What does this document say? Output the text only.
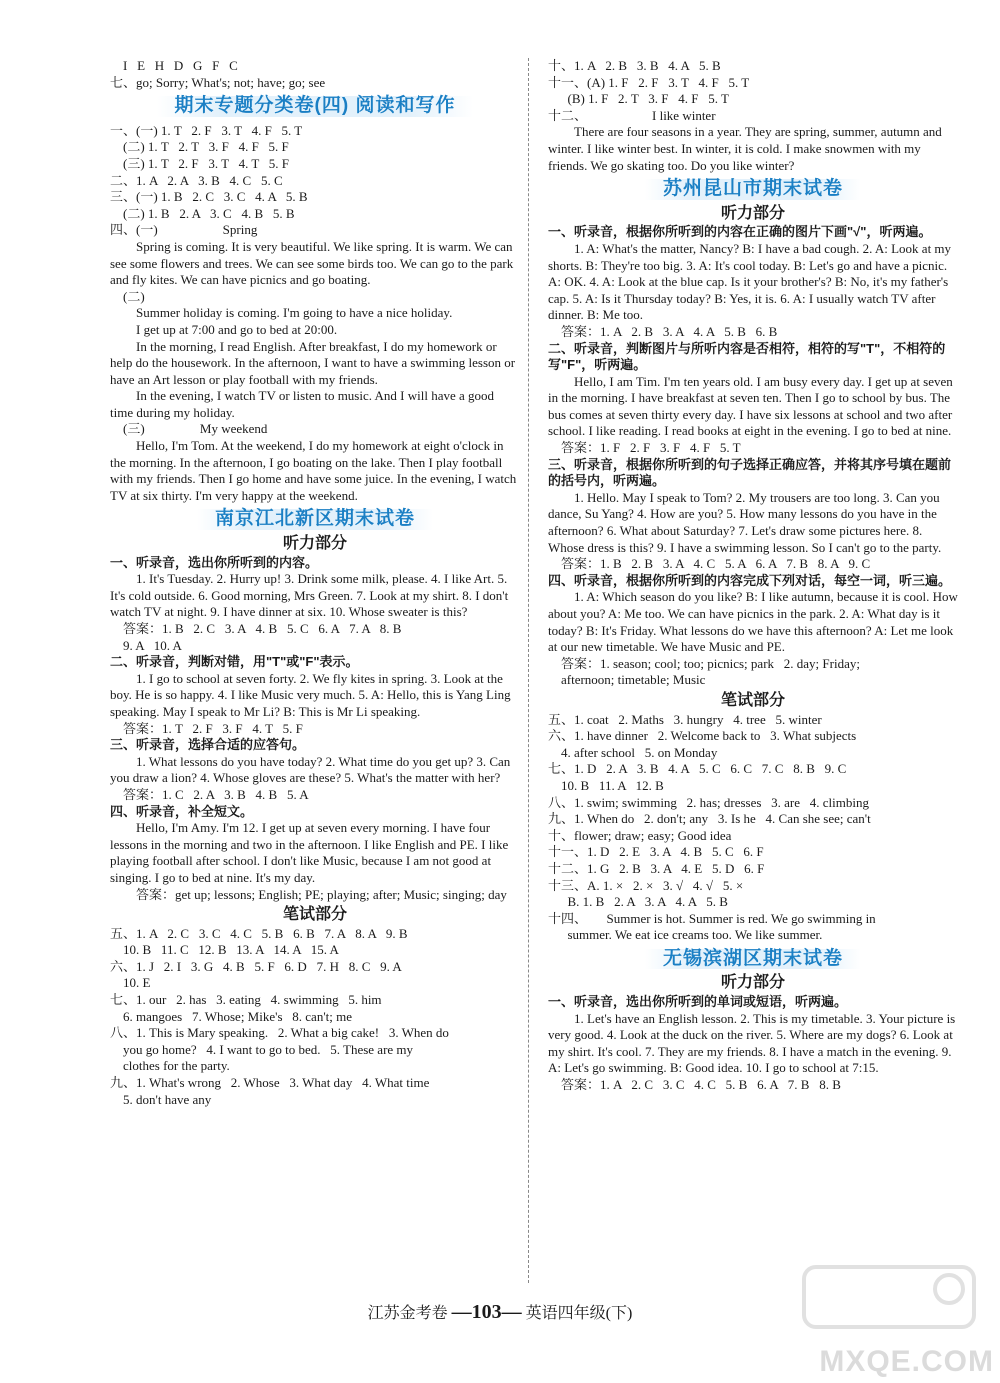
I   E   H   D   G   F   C
七、go; Sorry; What's; not; have; go; see
期末专题分类卷(四) 阅读和写作
一、(一) 1. T   2. F   3. T   4. F   5. T
(二) 1. T   2. T   3. F   4. F   5. F
(三) 1. T   2. F   3. T   4. T   5. F
二、1. A   2. A   3. B   4. C   5. C
三、(一) 1. B   2. C   3. C   4. A   5. B
(二) 1. B   2. A   3. C   4. B   5. B
四、(一)                    Spring
Spring is coming. It is very beautiful. We like spring. It is warm. We can see some flowers and trees. We can see some birds too. We can go to the park and fly kites. We can have picnics and go boating.
(二)
Summer holiday is coming. I'm going to have a nice holiday.
I get up at 7:00 and go to bed at 20:00.
In the morning, I read English. After breakfast, I do my homework or help do the housework. In the afternoon, I want to have a swimming lesson or have an Art lesson or play football with my friends.
In the evening, I watch TV or listen to music. And I will have a good time during my holiday.
(三)                 My weekend
Hello, I'm Tom. At the weekend, I do my homework at eight o'clock in the morning. In the afternoon, I go boating on the lake. Then I play football with my friends. Then I go home and have some juice. In the evening, I watch TV at six thirty. I'm very happy at the weekend.
南京江北新区期末试卷
听力部分
一、听录音，选出你所听到的内容。
1. It's Tuesday. 2. Hurry up! 3. Drink some milk, please. 4. I like Art. 5. It's cold outside. 6. Good morning, Mrs Green. 7. Look at my shirt. 8. I don't watch TV at night. 9. I have dinner at six. 10. Whose sweater is this?
答案：1. B   2. C   3. A   4. B   5. C   6. A   7. A   8. B
9. A   10. A
二、听录音，判断对错，用"T"或"F"表示。
1. I go to school at seven forty. 2. We fly kites in spring. 3. Look at the boy. He is so happy. 4. I like Music very much. 5. A: Hello, this is Yang Ling speaking. May I speak to Mr Li? B: This is Mr Li speaking.
答案：1. T   2. F   3. F   4. T   5. F
三、听录音，选择合适的应答句。
1. What lessons do you have today? 2. What time do you get up? 3. Can you draw a lion? 4. Whose gloves are these? 5. What's the matter with her?
答案：1. C   2. A   3. B   4. B   5. A
四、听录音，补全短文。
Hello, I'm Amy. I'm 12. I get up at seven every morning. I have four lessons in the morning and two in the afternoon. I like English and PE. I like playing football after school. I don't like Music, because I am not good at singing. I go to bed at nine. It's my day.
答案：get up; lessons; English; PE; playing; after; Music; singing; day
笔试部分
五、1. A   2. C   3. C   4. C   5. B   6. B   7. A   8. A   9. B
10. B   11. C   12. B   13. A   14. A   15. A
六、1. J   2. I   3. G   4. B   5. F   6. D   7. H   8. C   9. A
10. E
七、1. our   2. has   3. eating   4. swimming   5. him
6. mangoes   7. Whose; Mike's   8. can't; me
八、1. This is Mary speaking.   2. What a big cake!   3. When do
you go home?   4. I want to go to bed.   5. These are my
clothes for the party.
九、1. What's wrong   2. Whose   3. What day   4. What time
5. don't have any
十、1. A   2. B   3. B   4. A   5. B
十一、(A) 1. F   2. F   3. T   4. F   5. T
(B) 1. F   2. T   3. F   4. F   5. T
十二、                    I like winter
There are four seasons in a year. They are spring, summer, autumn and winter. I like winter best. In winter, it is cold. I make snowmen with my friends. We go skating too. Do you like winter?
苏州昆山市期末试卷
听力部分
一、听录音，根据你所听到的内容在正确的图片下画"√"，听两遍。
1. A: What's the matter, Nancy? B: I have a bad cough. 2. A: Look at my shorts. B: They're too big. 3. A: It's cool today. B: Let's go and have a picnic. A: OK. 4. A: Look at the blue cap. Is it your brother's? B: No, it's my father's cap. 5. A: Is it Thursday today? B: Yes, it is. 6. A: I usually watch TV after dinner. B: Me too.
答案：1. A   2. B   3. A   4. A   5. B   6. B
二、听录音，判断图片与所听内容是否相符，相符的写"T"，不相符的写"F"，听两遍。
Hello, I am Tim. I'm ten years old. I am busy every day. I get up at seven in the morning. I have breakfast at seven ten. Then I go to school by bus. The bus comes at seven thirty every day. I have six lessons at school and two after school. I like reading. I read books at eight in the evening. I go to bed at nine.
答案：1. F   2. F   3. F   4. F   5. T
三、听录音，根据你所听到的句子选择正确应答，并将其序号填在题前的括号内，听两遍。
1. Hello. May I speak to Tom? 2. My trousers are too long. 3. Can you dance, Su Yang? 4. How are you? 5. How many lessons do you have in the afternoon? 6. What about Saturday? 7. Let's draw some pictures here. 8. Whose dress is this? 9. I have a swimming lesson. So I can't go to the party.
答案：1. B   2. B   3. A   4. C   5. A   6. A   7. B   8. A   9. C
四、听录音，根据你所听到的内容完成下列对话，每空一词，听三遍。
1. A: Which season do you like? B: I like autumn, because it is cool. How about you? A: Me too. We can have picnics in the park. 2. A: What day is it today? B: It's Friday. What lessons do we have this afternoon? A: Let me look at our new timetable. We have Music and PE.
答案：1. season; cool; too; picnics; park   2. day; Friday;
afternoon; timetable; Music
笔试部分
五、1. coat   2. Maths   3. hungry   4. tree   5. winter
六、1. have dinner   2. Welcome back to   3. What subjects
4. after school   5. on Monday
七、1. D   2. A   3. B   4. A   5. C   6. C   7. C   8. B   9. C
10. B   11. A   12. B
八、1. swim; swimming   2. has; dresses   3. are   4. climbing
九、1. When do   2. don't; any   3. Is he   4. Can she see; can't
十、flower; draw; easy; Good idea
十一、1. D   2. E   3. A   4. B   5. C   6. F
十二、1. G   2. B   3. A   4. E   5. D   6. F
十三、A. 1. ×   2. ×   3. √   4. √   5. ×
B. 1. B   2. A   3. A   4. A   5. B
十四、      Summer is hot. Summer is red. We go swimming in
summer. We eat ice creams too. We like summer.
无锡滨湖区期末试卷
听力部分
一、听录音，选出你所听到的单词或短语，听两遍。
1. Let's have an English lesson. 2. This is my timetable. 3. Your picture is very good. 4. Look at the duck on the river. 5. Where are my dogs? 6. Look at my shirt. It's cool. 7. They are my friends. 8. I have a match in the evening. 9. A: Let's go swimming. B: Good idea. 10. I go to school at 7:15.
答案：1. A   2. C   3. C   4. C   5. B   6. A   7. B   8. B
江苏金考卷 —103— 英语四年级(下)
MXQE.COM
